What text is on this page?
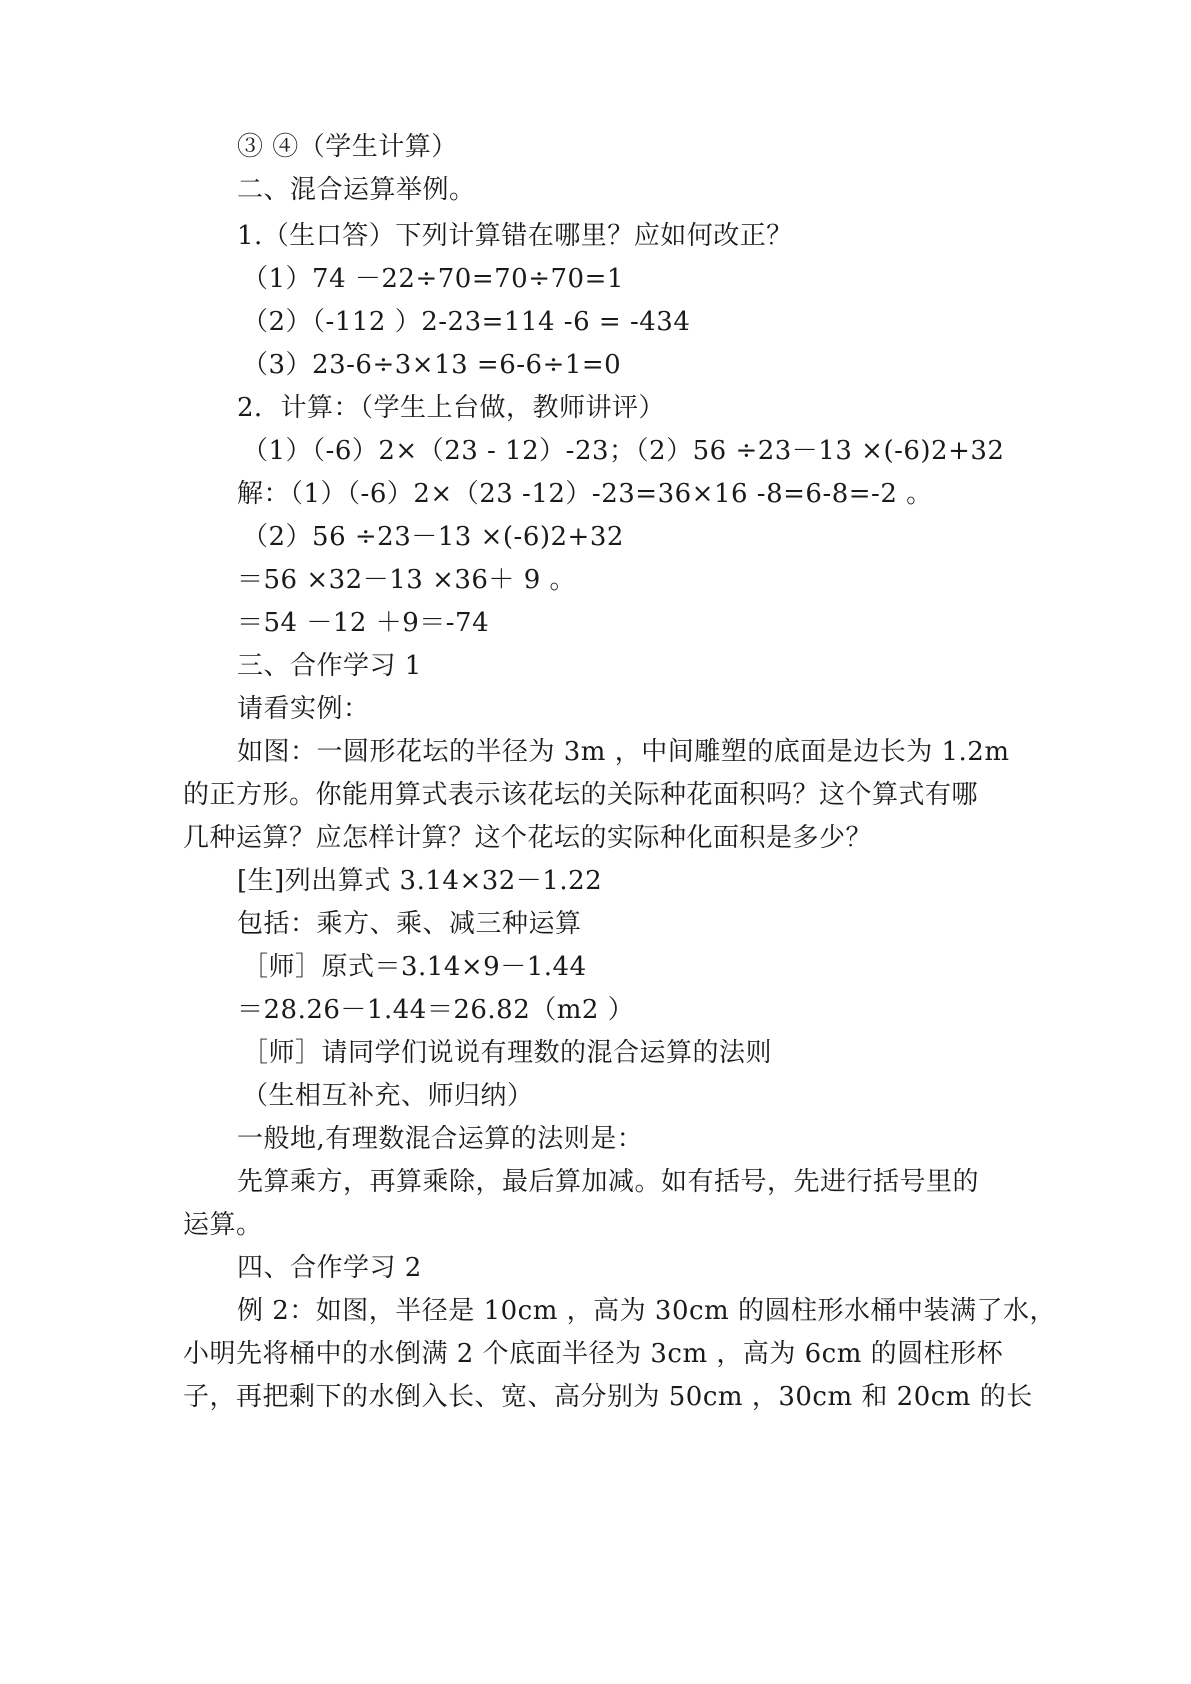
③ ④（学生计算）
二、混合运算举例。
1.（生口答）下列计算错在哪里？应如何改正？
（1）74 －22÷70=70÷70=1
（2）（-112 ）2-23=114 -6 = -434
（3）23-6÷3×13 =6-6÷1=0
2．计算：（学生上台做，教师讲评）
（1）（-6）2×（23 - 12）-23；（2）56 ÷23－13 ×(-6)2+32
解：（1）（-6）2×（23 -12）-23=36×16 -8=6-8=-2 。
（2）56 ÷23－13 ×(-6)2+32
＝56 ×32－13 ×36＋ 9 。
＝54 －12 ＋9＝-74
三、合作学习 1
请看实例：
如图：一圆形花坛的半径为 3m ，中间雕塑的底面是边长为 1.2m
的正方形。你能用算式表示该花坛的关际种花面积吗？这个算式有哪
几种运算？应怎样计算？这个花坛的实际种化面积是多少？
[生]列出算式 3.14×32－1.22
包括：乘方、乘、减三种运算
［师］原式＝3.14×9－1.44
＝28.26－1.44＝26.82（m2 ）
［师］请同学们说说有理数的混合运算的法则
（生相互补充、师归纳）
一般地,有理数混合运算的法则是：
先算乘方，再算乘除，最后算加减。如有括号，先进行括号里的
运算。
四、合作学习 2
例 2：如图，半径是 10cm ，高为 30cm 的圆柱形水桶中装满了水，
小明先将桶中的水倒满 2 个底面半径为 3cm ，高为 6cm 的圆柱形杯
子，再把剩下的水倒入长、宽、高分别为 50cm ，30cm 和 20cm 的长
